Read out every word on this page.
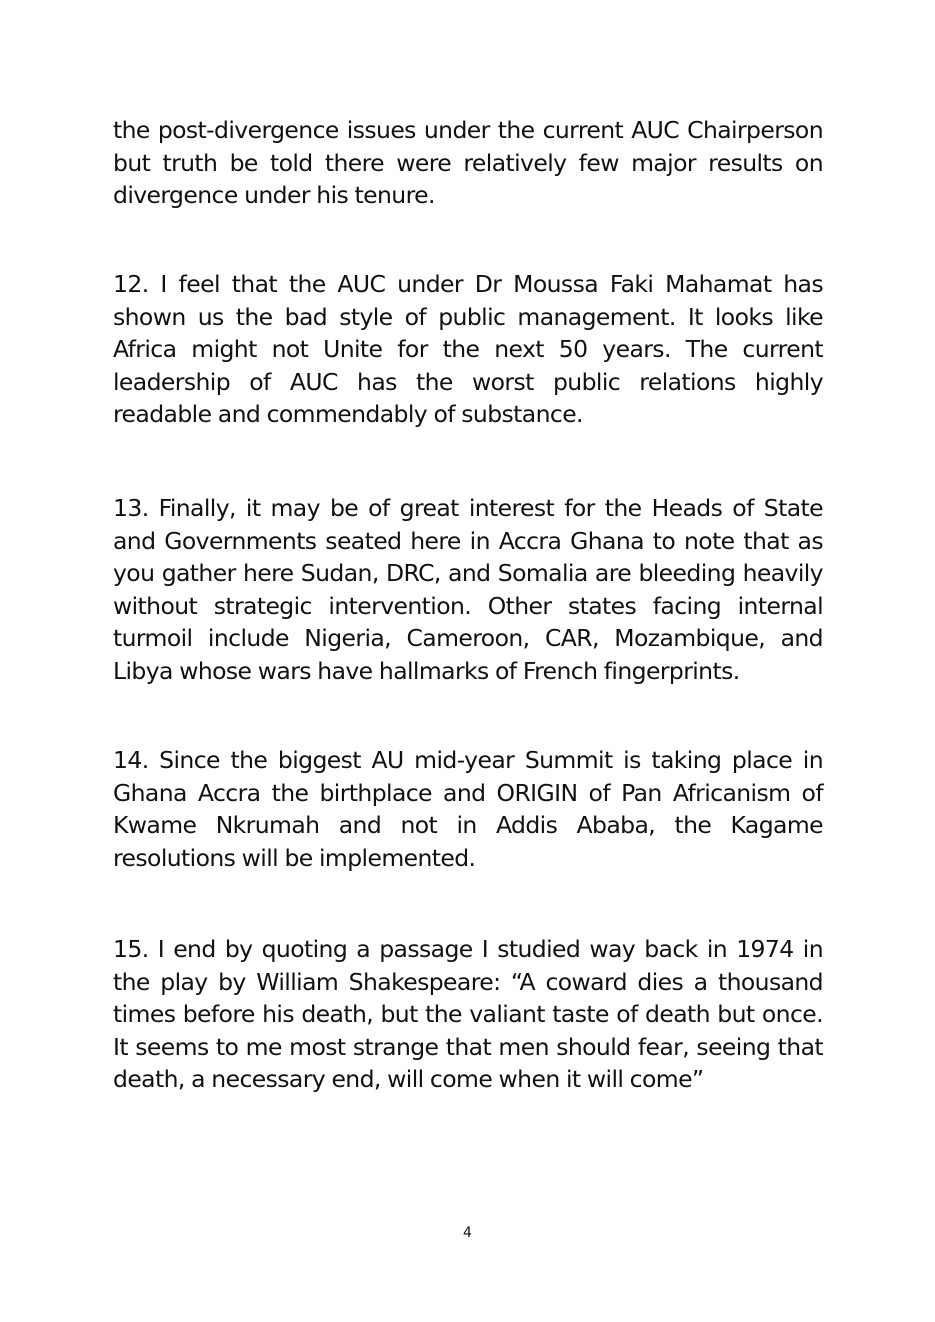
the post-divergence issues under the current AUC Chairperson but truth be told there were relatively few major results on divergence under his tenure.

12. I feel that the AUC under Dr Moussa Faki Mahamat has shown us the bad style of public management. It looks like Africa might not Unite for the next 50 years. The current leadership of AUC has the worst public relations highly readable and commendably of substance.

13. Finally, it may be of great interest for the Heads of State and Governments seated here in Accra Ghana to note that as you gather here Sudan, DRC, and Somalia are bleeding heavily without strategic intervention. Other states facing internal turmoil include Nigeria, Cameroon, CAR, Mozambique, and Libya whose wars have hallmarks of French fingerprints.

14. Since the biggest AU mid-year Summit is taking place in Ghana Accra the birthplace and ORIGIN of Pan Africanism of Kwame Nkrumah and not in Addis Ababa, the Kagame resolutions will be implemented.

15. I end by quoting a passage I studied way back in 1974 in the play by William Shakespeare: “A coward dies a thousand times before his death, but the valiant taste of death but once. It seems to me most strange that men should fear, seeing that death, a necessary end, will come when it will come”

4
